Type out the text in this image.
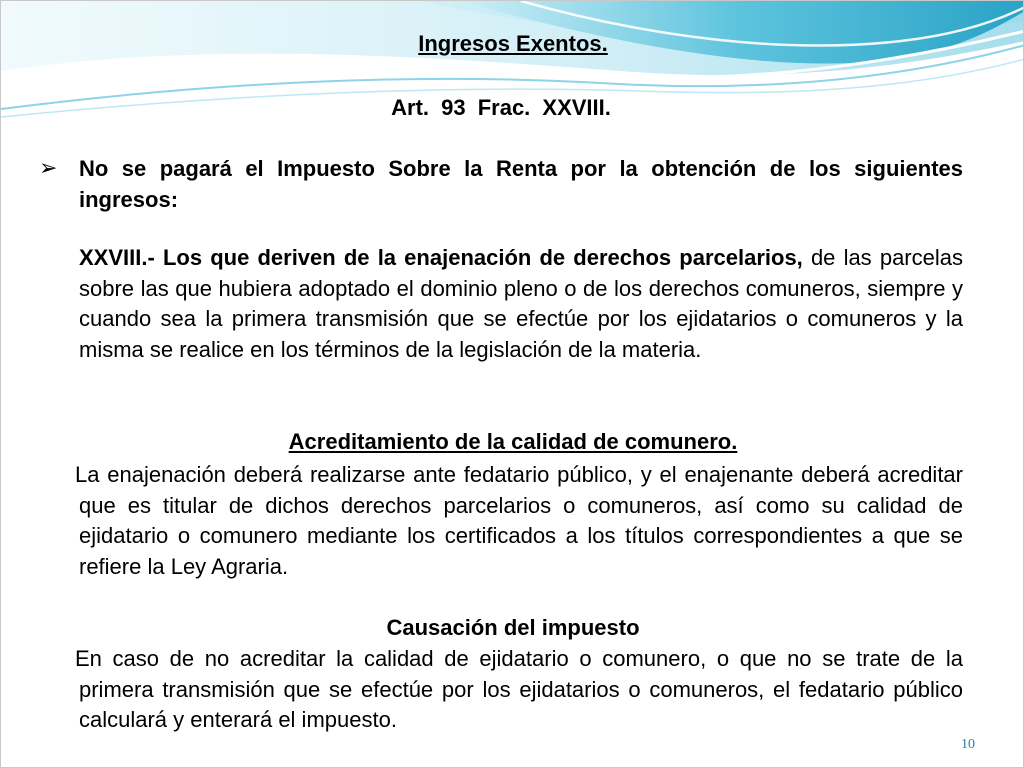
Ingresos Exentos.
Art. 93 Frac. XXVIII.
➢ No se pagará el Impuesto Sobre la Renta por la obtención de los siguientes ingresos:
XXVIII.- Los que deriven de la enajenación de derechos parcelarios, de las parcelas sobre las que hubiera adoptado el dominio pleno o de los derechos comuneros, siempre y cuando sea la primera transmisión que se efectúe por los ejidatarios o comuneros y la misma se realice en los términos de la legislación de la materia.
Acreditamiento de la calidad de comunero.
La enajenación deberá realizarse ante fedatario público, y el enajenante deberá acreditar que es titular de dichos derechos parcelarios o comuneros, así como su calidad de ejidatario o comunero mediante los certificados a los títulos correspondientes a que se refiere la Ley Agraria.
Causación del impuesto
En caso de no acreditar la calidad de ejidatario o comunero, o que no se trate de la primera transmisión que se efectúe por los ejidatarios o comuneros, el fedatario público calculará y enterará el impuesto.
10
